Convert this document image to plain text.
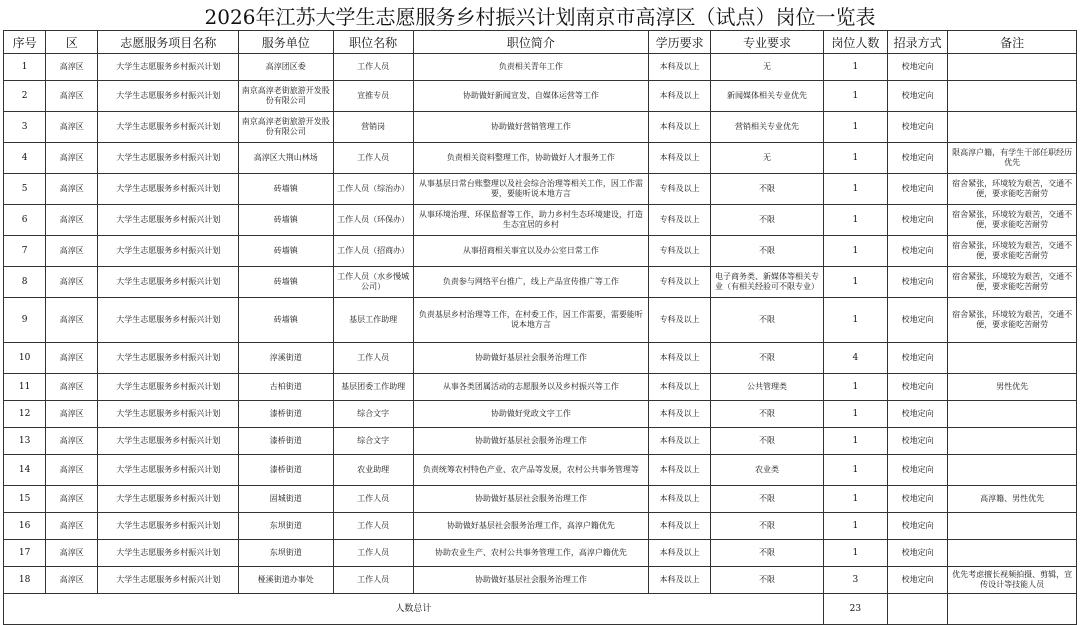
2026年江苏大学生志愿服务乡村振兴计划南京市高淳区（试点）岗位一览表
序号	区	志愿服务项目名称	服务单位	职位名称	职位简介	学历要求	专业要求	岗位人数	招录方式	备注
1	高淳区	大学生志愿服务乡村振兴计划	高淳团区委	工作人员	负责相关青年工作	本科及以上	无	1	校地定向	
2	高淳区	大学生志愿服务乡村振兴计划	南京高淳老街旅游开发股份有限公司	宣推专员	协助做好新闻宣发、自媒体运营等工作	本科及以上	新闻媒体相关专业优先	1	校地定向	
3	高淳区	大学生志愿服务乡村振兴计划	南京高淳老街旅游开发股份有限公司	营销岗	协助做好营销管理工作	本科及以上	营销相关专业优先	1	校地定向	
4	高淳区	大学生志愿服务乡村振兴计划	高淳区大荆山林场	工作人员	负责相关资料整理工作，协助做好人才服务工作	本科及以上	无	1	校地定向	限高淳户籍，有学生干部任职经历优先
5	高淳区	大学生志愿服务乡村振兴计划	砖墙镇	工作人员（综治办）	从事基层日常台账整理以及社会综合治理等相关工作，因工作需要，要能听说本地方言	专科及以上	不限	1	校地定向	宿舍紧张，环境较为艰苦，交通不便，要求能吃苦耐劳
6	高淳区	大学生志愿服务乡村振兴计划	砖墙镇	工作人员（环保办）	从事环境治理、环保监督等工作，助力乡村生态环境建设，打造生态宜居的乡村	专科及以上	不限	1	校地定向	宿舍紧张，环境较为艰苦，交通不便，要求能吃苦耐劳
7	高淳区	大学生志愿服务乡村振兴计划	砖墙镇	工作人员（招商办）	从事招商相关事宜以及办公室日常工作	专科及以上	不限	1	校地定向	宿舍紧张，环境较为艰苦，交通不便，要求能吃苦耐劳
8	高淳区	大学生志愿服务乡村振兴计划	砖墙镇	工作人员（水乡慢城公司）	负责参与网络平台推广，线上产品宣传推广等工作	专科及以上	电子商务类、新媒体等相关专业（有相关经验可不限专业）	1	校地定向	宿舍紧张，环境较为艰苦，交通不便，要求能吃苦耐劳
9	高淳区	大学生志愿服务乡村振兴计划	砖墙镇	基层工作助理	负责基层乡村治理等工作，在村委工作，因工作需要，需要能听说本地方言	专科及以上	不限	1	校地定向	宿舍紧张，环境较为艰苦，交通不便，要求能吃苦耐劳
10	高淳区	大学生志愿服务乡村振兴计划	淳溪街道	工作人员	协助做好基层社会服务治理工作	本科及以上	不限	4	校地定向	
11	高淳区	大学生志愿服务乡村振兴计划	古柏街道	基层团委工作助理	从事各类团属活动的志愿服务以及乡村振兴等工作	本科及以上	公共管理类	1	校地定向	男性优先
12	高淳区	大学生志愿服务乡村振兴计划	漆桥街道	综合文字	协助做好党政文字工作	本科及以上	不限	1	校地定向	
13	高淳区	大学生志愿服务乡村振兴计划	漆桥街道	综合文字	协助做好基层社会服务治理工作	本科及以上	不限	1	校地定向	
14	高淳区	大学生志愿服务乡村振兴计划	漆桥街道	农业助理	负责统筹农村特色产业、农产品等发展，农村公共事务管理等	本科及以上	农业类	1	校地定向	
15	高淳区	大学生志愿服务乡村振兴计划	固城街道	工作人员	协助做好基层社会服务治理工作	本科及以上	不限	1	校地定向	高淳籍、男性优先
16	高淳区	大学生志愿服务乡村振兴计划	东坝街道	工作人员	协助做好基层社会服务治理工作，高淳户籍优先	本科及以上	不限	1	校地定向	
17	高淳区	大学生志愿服务乡村振兴计划	东坝街道	工作人员	协助农业生产、农村公共事务管理工作，高淳户籍优先	本科及以上	不限	1	校地定向	
18	高淳区	大学生志愿服务乡村振兴计划	桠溪街道办事处	工作人员	协助做好基层社会服务治理工作	本科及以上	不限	3	校地定向	优先考虑擅长视频拍摄、剪辑，宣传设计等技能人员
人数总计								23		
